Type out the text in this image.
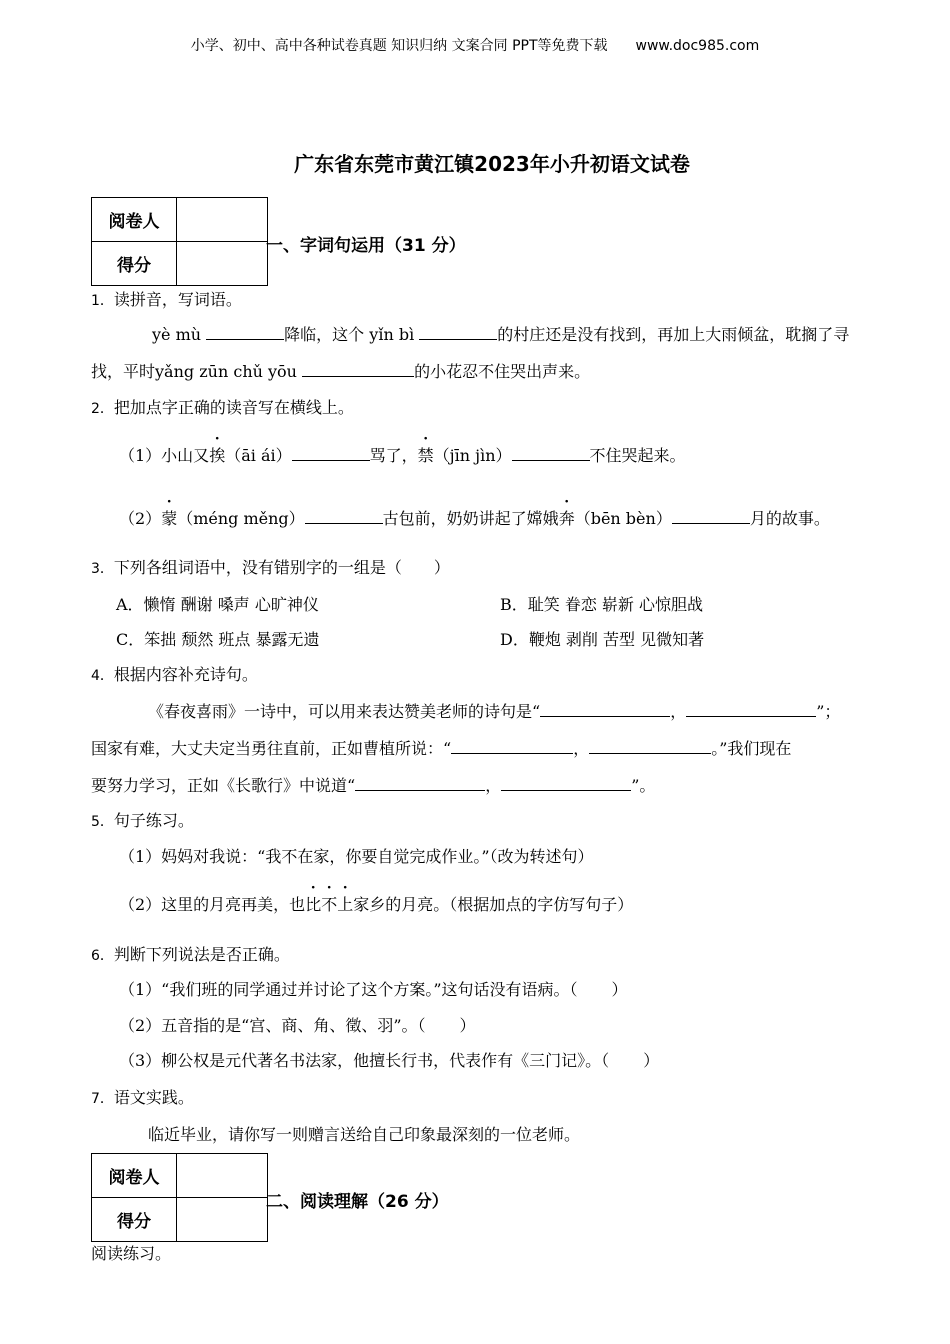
小学、初中、高中各种试卷真题 知识归纳 文案合同 PPT等免费下载 www.doc985.com
广东省东莞市黄江镇2023年小升初语文试卷
阅卷人	
得分	
一、字词句运用（31 分）
1．读拼音，写词语。
yè mù	降临，这个 yǐn bì	的村庄还是没有找到，再加上大雨倾盆，耽搁了寻
找，平时yǎng zūn chǔ yōu	的小花忍不住哭出声来。
2．把加点字正确的读音写在横线上。
（1）小山又挨（āi ái）	骂了，禁（jīn jìn）	不住哭起来。
（2）蒙（méng měng）	古包前，奶奶讲起了嫦娥奔（bēn bèn）	月的故事。
3．下列各组词语中，没有错别字的一组是（　　）
A．懒惰 酬谢 嗓声 心旷神仪	B．耻笑 眷恋 崭新 心惊胆战
C．笨拙 颓然 班点 暴露无遗	D．鞭炮 剥削 苦型 见微知著
4．根据内容补充诗句。
《春夜喜雨》一诗中，可以用来表达赞美老师的诗句是“	，	”；
国家有难，大丈夫定当勇往直前，正如曹植所说：“	，	。”我们现在
要努力学习，正如《长歌行》中说道“	，	”。
5．句子练习。
（1）妈妈对我说：“我不在家，你要自觉完成作业。”（改为转述句）
（2）这里的月亮再美，也比不上家乡的月亮。（根据加点的字仿写句子）
6．判断下列说法是否正确。
（1）“我们班的同学通过并讨论了这个方案。”这句话没有语病。（ ）
（2）五音指的是“宫、商、角、徵、羽”。（ ）
（3）柳公权是元代著名书法家，他擅长行书，代表作有《三门记》。（ ）
7．语文实践。
临近毕业，请你写一则赠言送给自己印象最深刻的一位老师。
阅卷人	
得分	
二、阅读理解（26 分）
阅读练习。
